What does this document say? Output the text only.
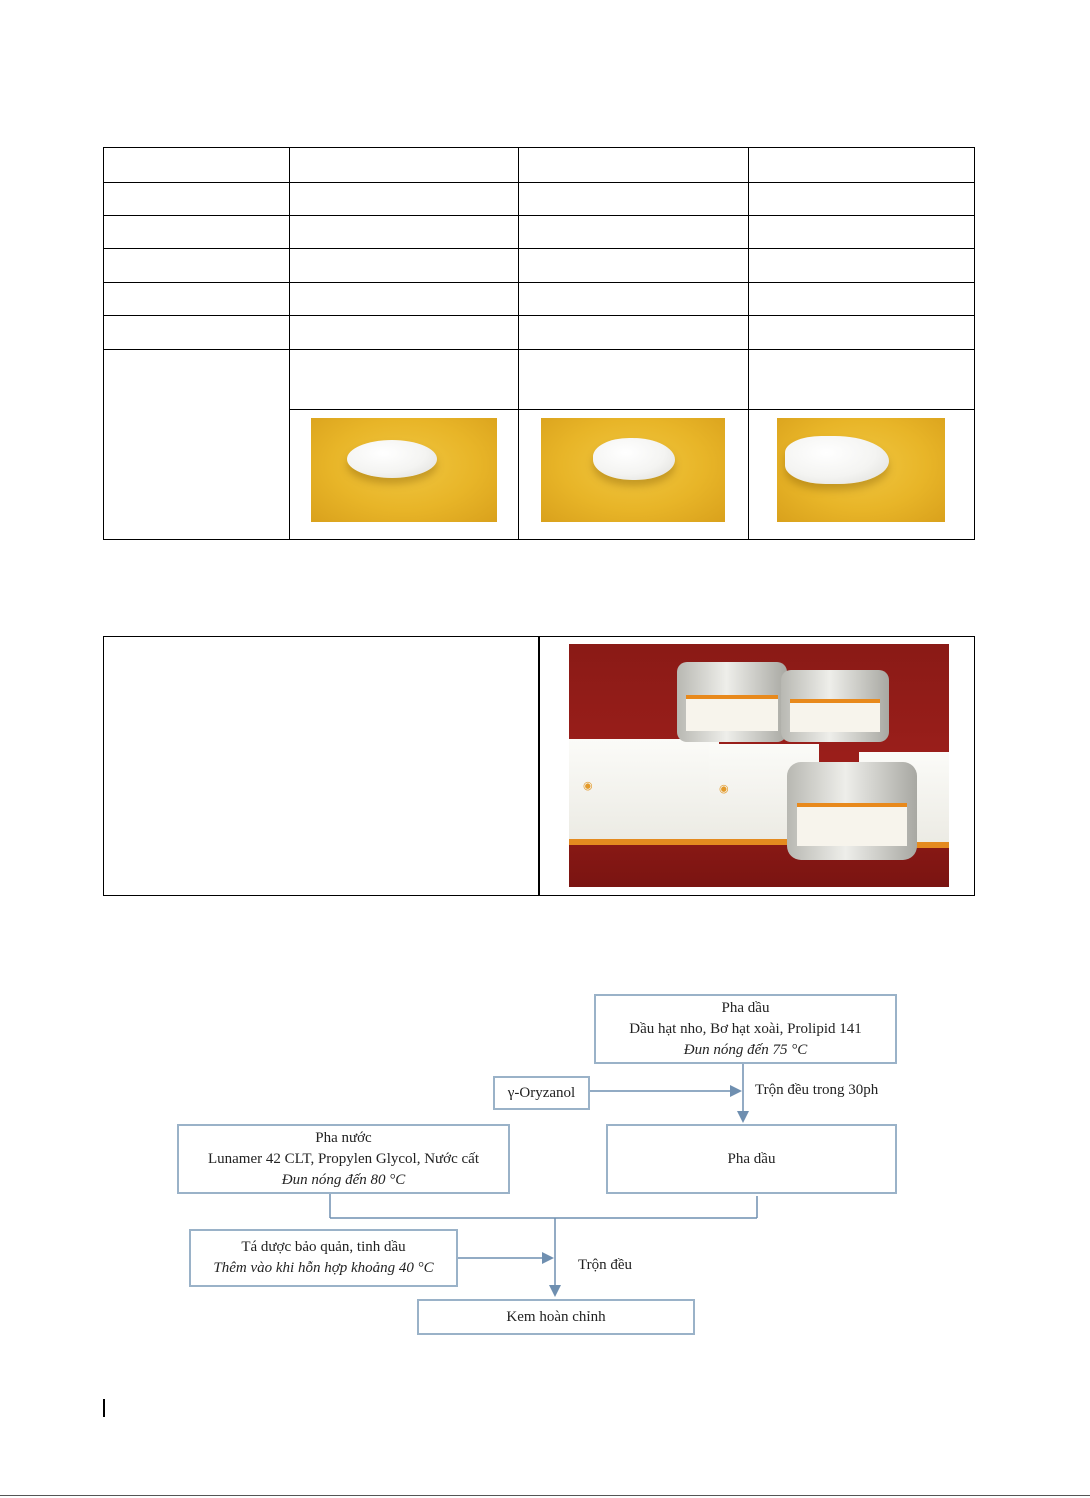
◉	◉
Pha dầu
Dầu hạt nho, Bơ hạt xoài, Prolipid 141
Đun nóng đến 75 °C
γ-Oryzanol	Trộn đều trong 30ph
Pha dầu
Pha nước
Lunamer 42 CLT, Propylen Glycol, Nước cất
Đun nóng đến 80 °C
Tá dược bảo quản, tinh dầu
Thêm vào khi hỗn hợp khoảng 40 °C	Trộn đều
Kem hoàn chỉnh
